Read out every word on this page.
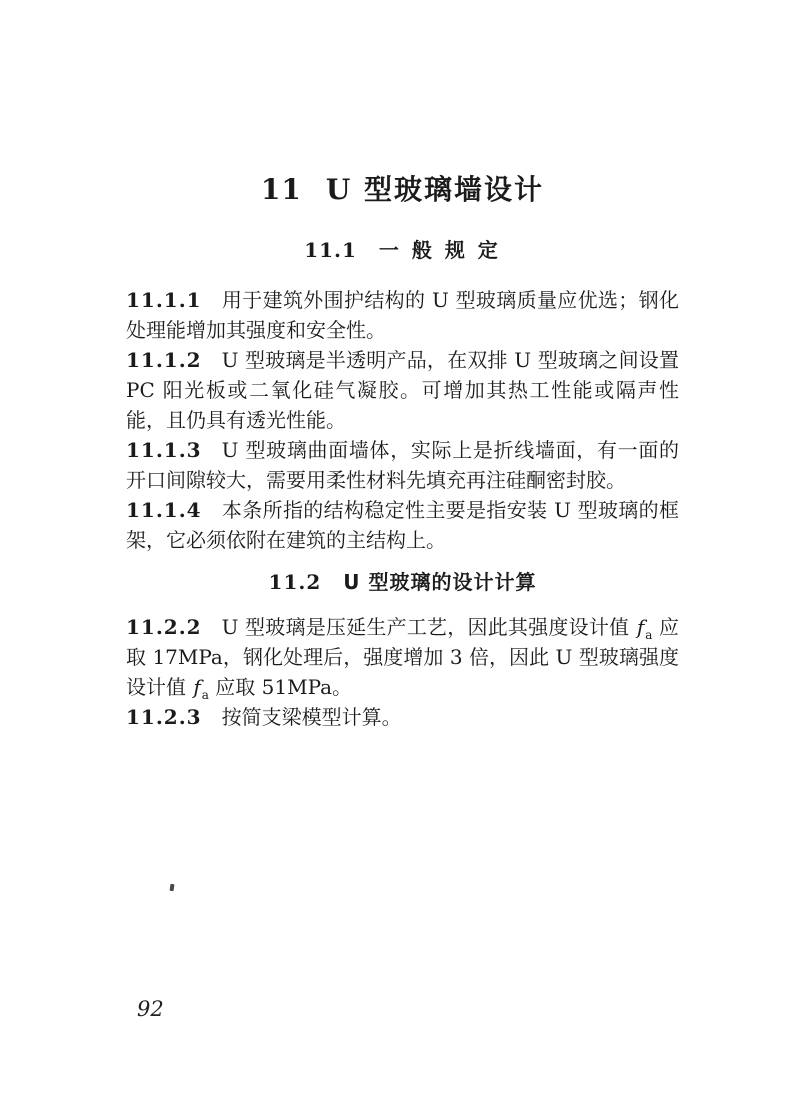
11 U 型玻璃墙设计
11.1 一 般 规 定

11.1.1 用于建筑外围护结构的 U 型玻璃质量应优选；钢化处理能增加其强度和安全性。

11.1.2 U 型玻璃是半透明产品，在双排 U 型玻璃之间设置 PC 阳光板或二氧化硅气凝胶。可增加其热工性能或隔声性能，且仍具有透光性能。

11.1.3 U 型玻璃曲面墙体，实际上是折线墙面，有一面的开口间隙较大，需要用柔性材料先填充再注硅酮密封胶。

11.1.4 本条所指的结构稳定性主要是指安装 U 型玻璃的框架，它必须依附在建筑的主结构上。

11.2 U 型玻璃的设计计算

11.2.2 U 型玻璃是压延生产工艺，因此其强度设计值 $f_a$ 应取 17MPa，钢化处理后，强度增加 3 倍，因此 U 型玻璃强度设计值 $f_a$ 应取 51MPa。

11.2.3 按简支梁模型计算。

92
